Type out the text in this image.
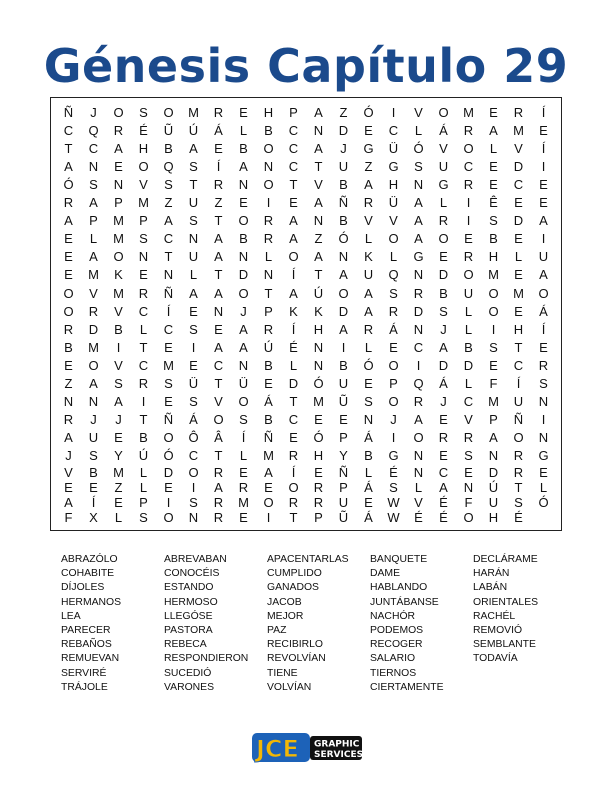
Génesis Capítulo 29
Ñ	J	O	S	O	M	R	E	H	P	A	Z	Ó	I	V	O	M	E	R	Í
C	Q	R	É	Ũ	Ú	Á	L	B	C	N	D	E	C	L	Á	R	A	M	E
T	C	A	H	B	A	E	B	O	C	A	J	G	Ü	Ó	V	O	L	V	Í
A	N	E	O	Q	S	Í	A	N	C	T	U	Z	G	S	U	C	E	D	I
Ó	S	N	V	S	T	R	N	O	T	V	B	A	H	N	G	R	E	C	E
R	A	P	M	Z	U	Z	E	I	E	A	Ñ	R	Ü	A	L	I	Ê	E	E
A	P	M	P	A	S	T	O	R	A	N	B	V	V	A	R	I	S	D	A
E	L	M	S	C	N	A	B	R	A	Z	Ó	L	O	A	O	E	B	E	I
E	A	O	N	T	U	A	N	L	O	A	N	K	L	G	E	R	H	L	U
E	M	K	E	N	L	T	D	N	Í	T	A	U	Q	N	D	O	M	E	A
O	V	M	R	Ñ	A	A	O	T	A	Ú	O	A	S	R	B	U	O	M	O
O	R	V	C	Í	E	N	J	P	K	K	D	A	R	D	S	L	O	E	Á
R	D	B	L	C	S	E	A	R	Í	H	A	R	Á	N	J	L	I	H	Í
B	M	I	T	E	I	A	A	Ú	É	N	I	L	E	C	A	B	S	T	E
E	O	V	C	M	E	C	N	B	L	N	B	Ó	O	I	D	D	E	C	R
Z	A	S	R	S	Ü	T	Ü	E	D	Ó	U	E	P	Q	Á	L	F	Í	S
N	N	A	I	E	S	V	O	Á	T	M	Ũ	S	O	R	J	C	M	U	N
R	J	J	T	Ñ	Á	O	S	B	C	E	E	N	J	A	E	V	P	Ñ	I
A	U	E	B	O	Ô	Â	Í	Ñ	E	Ó	P	Á	I	O	R	R	A	O	N
J	S	Y	Ú	Ó	C	T	L	M	R	H	Y	B	G	N	E	S	N	R	G
V	B	M	L	D	O	R	E	A	Í	E	Ñ	L	É	N	C	E	D	R	E
E	E	Z	L	E	I	A	R	E	O	R	P	Á	S	L	A	N	Ú	T	L
A	Í	E	P	I	S	R	M	O	R	R	U	E	W	V	É	F	U	S	Ó
F	X	L	S	O	N	R	E	I	T	P	Ũ	Á	W	É	É	O	H	É
ABRAZÓLO
COHABITE
DÍJOLES
HERMANOS
LEA
PARECER
REBAÑOS
REMUEVAN
SERVIRÉ
TRÁJOLE
ABREVABAN
CONOCÉIS
ESTANDO
HERMOSO
LLEGÓSE
PASTORA
REBECA
RESPONDIERON
SUCEDIÓ
VARONES
APACENTARLAS
CUMPLIDO
GANADOS
JACOB
MEJOR
PAZ
RECIBIRLO
REVOLVÍAN
TIENE
VOLVÍAN
BANQUETE
DAME
HABLANDO
JUNTÁBANSE
NACHÓR
PODEMOS
RECOGER
SALARIO
TIERNOS
CIERTAMENTE
DECLÁRAME
HARÁN
LABÁN
ORIENTALES
RACHÉL
REMOVIÓ
SEMBLANTE
TODAVÍA
JCE GRAPHIC
SERVICES
